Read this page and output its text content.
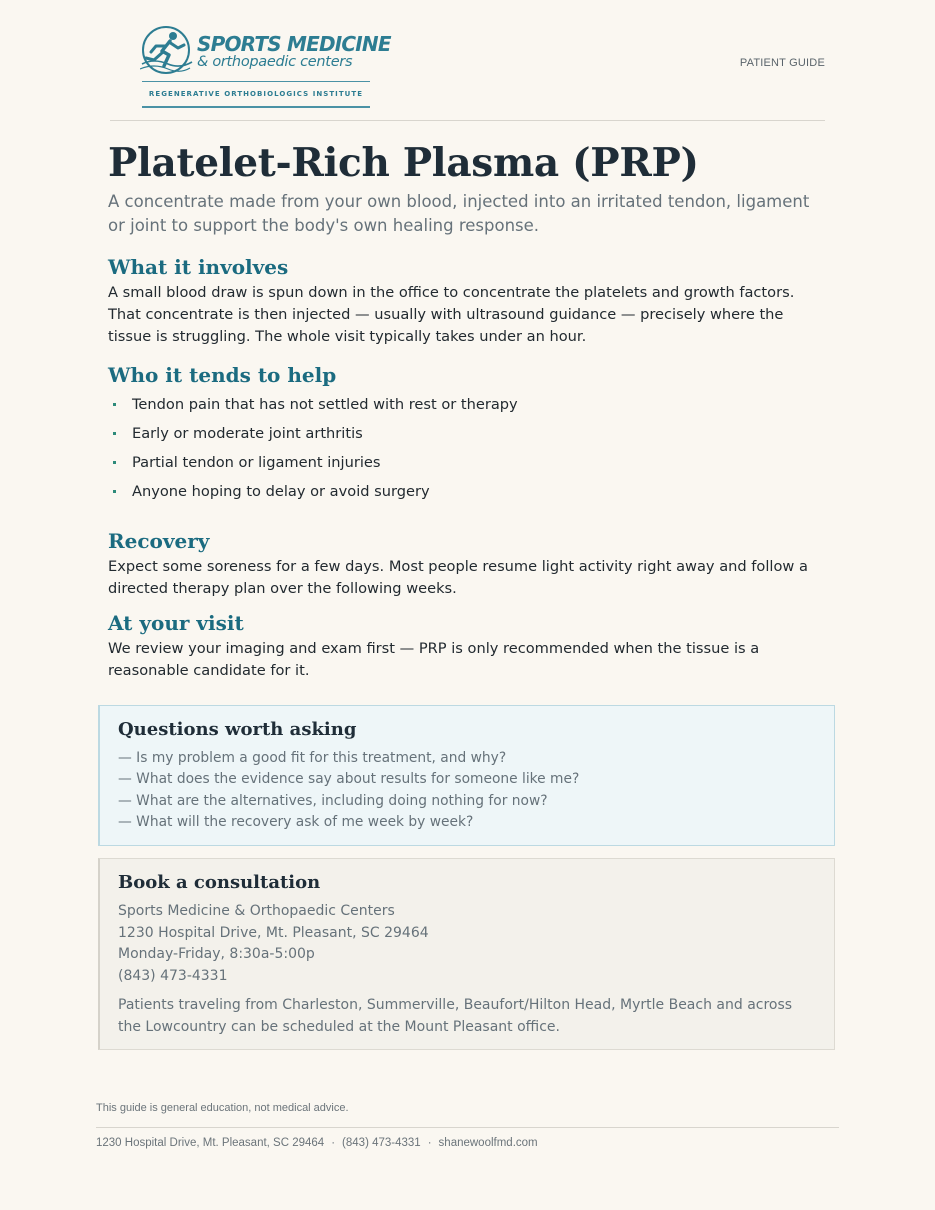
SPORTS MEDICINE
& orthopaedic centers
REGENERATIVE ORTHOBIOLOGICS INSTITUTE
PATIENT GUIDE
Platelet-Rich Plasma (PRP)

A concentrate made from your own blood, injected into an irritated tendon, ligament or joint to support the body's own healing response.

What it involves

A small blood draw is spun down in the office to concentrate the platelets and growth factors. That concentrate is then injected — usually with ultrasound guidance — precisely where the tissue is struggling. The whole visit typically takes under an hour.

Who it tends to help
Tendon pain that has not settled with rest or therapy
Early or moderate joint arthritis
Partial tendon or ligament injuries
Anyone hoping to delay or avoid surgery
Recovery

Expect some soreness for a few days. Most people resume light activity right away and follow a directed therapy plan over the following weeks.

At your visit

We review your imaging and exam first — PRP is only recommended when the tissue is a reasonable candidate for it.

Questions worth asking
— Is my problem a good fit for this treatment, and why?
— What does the evidence say about results for someone like me?
— What are the alternatives, including doing nothing for now?
— What will the recovery ask of me week by week?
Book a consultation
Sports Medicine & Orthopaedic Centers
1230 Hospital Drive, Mt. Pleasant, SC 29464
Monday-Friday, 8:30a-5:00p
(843) 473-4331

Patients traveling from Charleston, Summerville, Beaufort/Hilton Head, Myrtle Beach and across the Lowcountry can be scheduled at the Mount Pleasant office.

This guide is general education, not medical advice.
1230 Hospital Drive, Mt. Pleasant, SC 29464 · (843) 473-4331 · shanewoolfmd.com
